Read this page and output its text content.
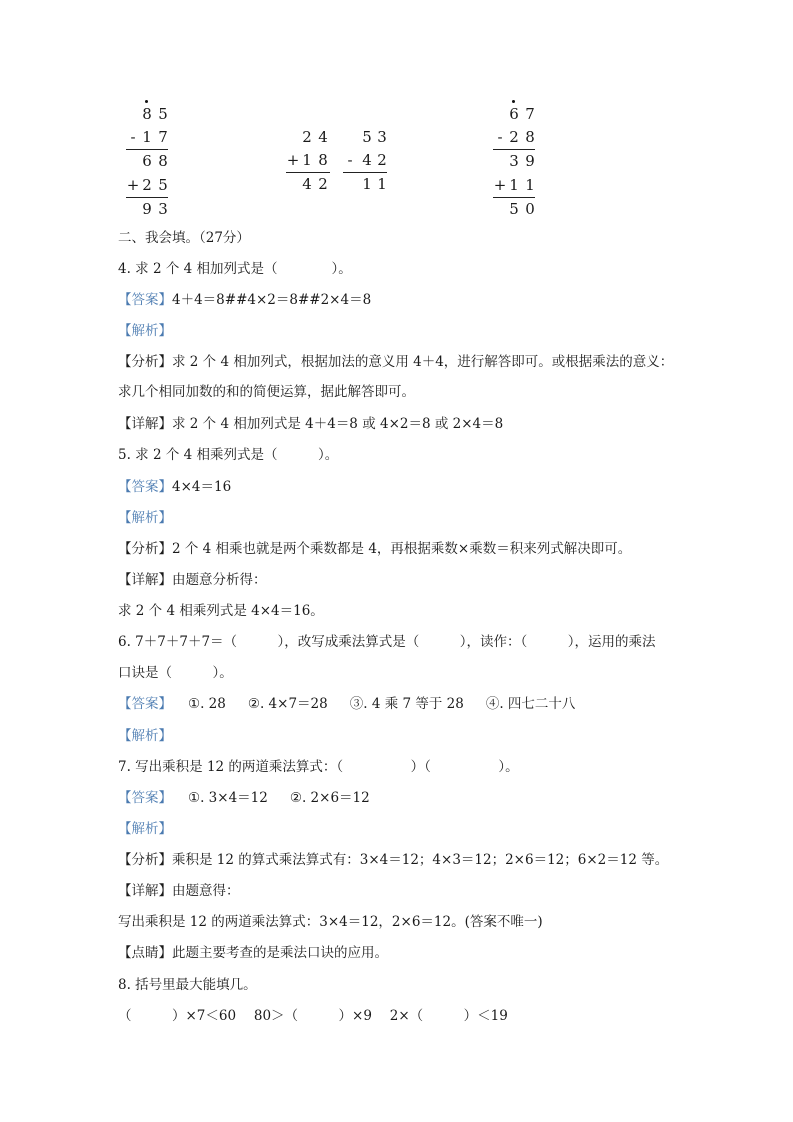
8 5
- 1 7
6 8
+ 2 5
9 3
2 4
+ 1 8
4 2
5 3
- 4 2
1 1
6 7
- 2 8
3 9
+ 1 1
5 0
二、我会填。（27分）
4. 求 2 个 4 相加列式是（　　　　）。
【答案】4＋4＝8##4×2＝8##2×4＝8
【解析】
【分析】求 2 个 4 相加列式，根据加法的意义用 4＋4，进行解答即可。或根据乘法的意义：
求几个相同加数的和的简便运算，据此解答即可。
【详解】求 2 个 4 相加列式是 4＋4＝8 或 4×2＝8 或 2×4＝8
5. 求 2 个 4 相乘列式是（　　　）。
【答案】4×4＝16
【解析】
【分析】2 个 4 相乘也就是两个乘数都是 4，再根据乘数×乘数＝积来列式解决即可。
【详解】由题意分析得：
求 2 个 4 相乘列式是 4×4＝16。
6. 7＋7＋7＋7＝（　　　），改写成乘法算式是（　　　），读作：（　　　），运用的乘法
口诀是（　　　）。
【答案】 ①. 28 ②. 4×7＝28 ③. 4 乘 7 等于 28 ④. 四七二十八
【解析】
7. 写出乘积是 12 的两道乘法算式：（　　　　　）（　　　　　）。
【答案】 ①. 3×4＝12 ②. 2×6＝12
【解析】
【分析】乘积是 12 的算式乘法算式有：3×4＝12；4×3＝12；2×6＝12；6×2＝12 等。
【详解】由题意得：
写出乘积是 12 的两道乘法算式：3×4＝12，2×6＝12。(答案不唯一)
【点睛】此题主要考查的是乘法口诀的应用。
8. 括号里最大能填几。
（　　　）×7＜60　 80＞（　　　）×9　 2×（　　　）＜19
